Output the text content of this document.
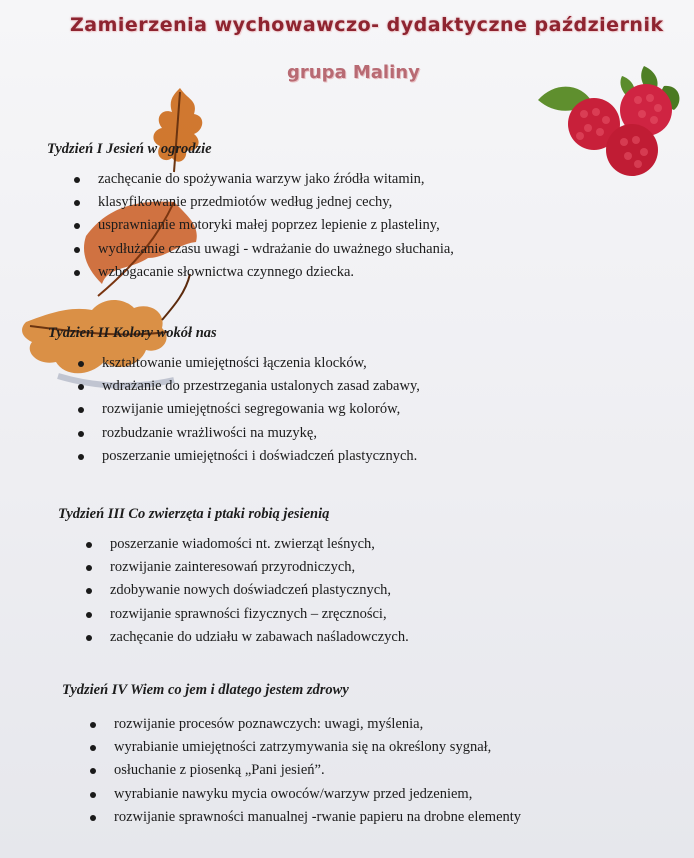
Zamierzenia wychowawczo- dydaktyczne październik
grupa Maliny
Tydzień I Jesień w ogrodzie
zachęcanie do spożywania warzyw jako źródła witamin,
klasyfikowanie przedmiotów według jednej cechy,
usprawnianie motoryki małej poprzez lepienie z plasteliny,
wydłużanie czasu uwagi - wdrażanie do uważnego słuchania,
wzbogacanie słownictwa czynnego dziecka.
Tydzień II Kolory wokół nas
kształtowanie umiejętności łączenia klocków,
wdrażanie do przestrzegania ustalonych zasad zabawy,
rozwijanie umiejętności segregowania wg kolorów,
rozbudzanie wrażliwości na muzykę,
poszerzanie umiejętności i doświadczeń plastycznych.
Tydzień III Co zwierzęta i ptaki robią jesienią
poszerzanie wiadomości nt. zwierząt leśnych,
rozwijanie zainteresowań przyrodniczych,
zdobywanie nowych doświadczeń plastycznych,
rozwijanie sprawności fizycznych – zręczności,
zachęcanie do udziału w zabawach naśladowczych.
Tydzień IV Wiem co jem i dlatego jestem zdrowy
rozwijanie procesów poznawczych: uwagi, myślenia,
wyrabianie umiejętności zatrzymywania się na określony sygnał,
osłuchanie z piosenką „Pani jesień”.
wyrabianie nawyku mycia owoców/warzyw przed jedzeniem,
rozwijanie sprawności manualnej -rwanie papieru na drobne elementy
